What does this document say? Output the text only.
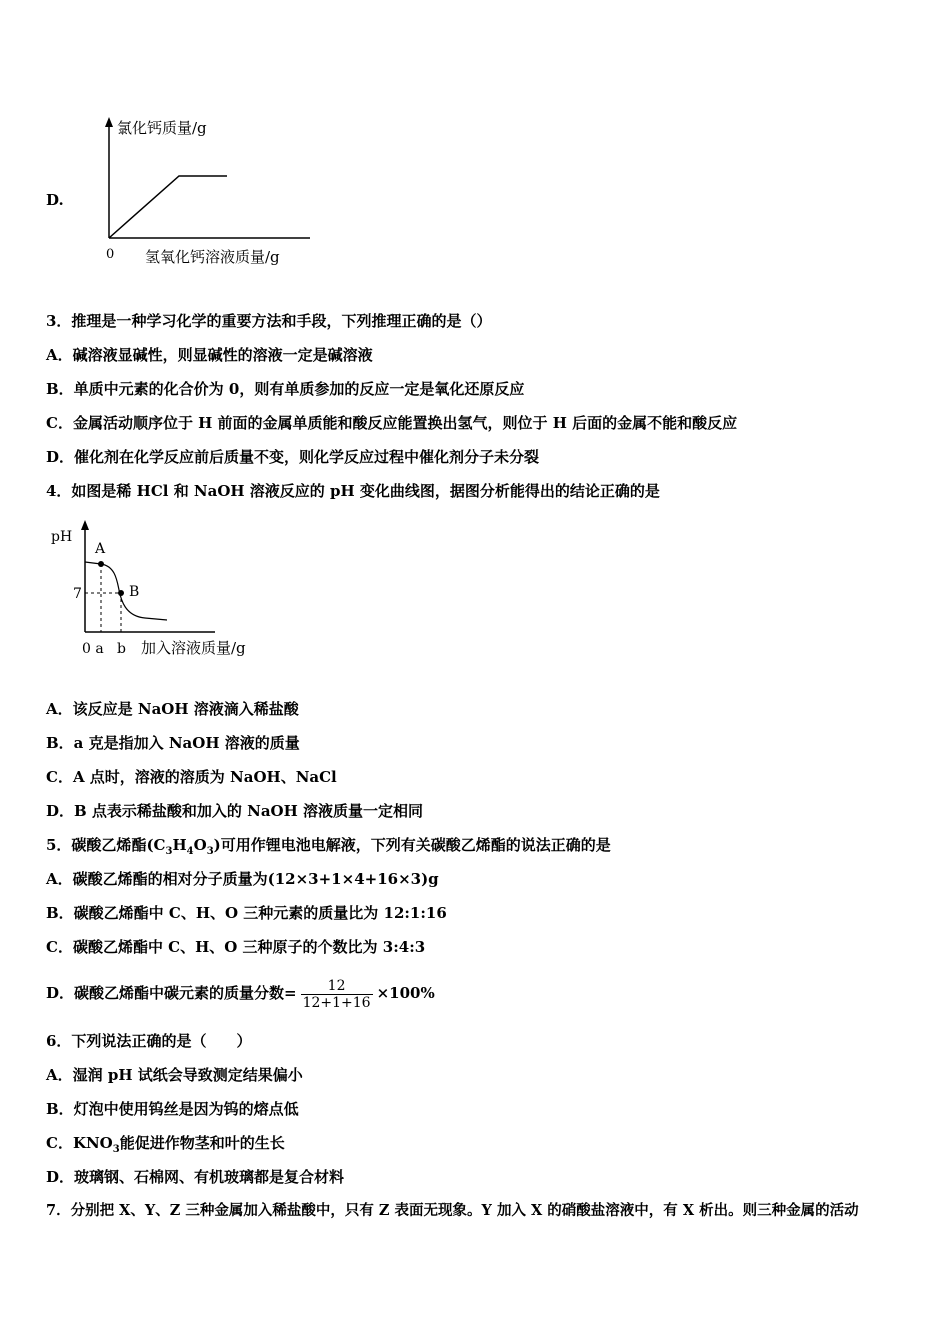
D.
氯化钙质量/g
0 氢氧化钙溶液质量/g
3．推理是一种学习化学的重要方法和手段，下列推理正确的是（）
A．碱溶液显碱性，则显碱性的溶液一定是碱溶液
B．单质中元素的化合价为 0，则有单质参加的反应一定是氧化还原反应
C．金属活动顺序位于 H 前面的金属单质能和酸反应能置换出氢气，则位于 H 后面的金属不能和酸反应
D．催化剂在化学反应前后质量不变，则化学反应过程中催化剂分子未分裂
4．如图是稀 HCl 和 NaOH 溶液反应的 pH 变化曲线图，据图分析能得出的结论正确的是
pH
A
B
7
0 a   b 加入溶液质量/g
A．该反应是 NaOH 溶液滴入稀盐酸
B．a 克是指加入 NaOH 溶液的质量
C．A 点时，溶液的溶质为 NaOH、NaCl
D．B 点表示稀盐酸和加入的 NaOH 溶液质量一定相同
5．碳酸乙烯酯$(C_3H_4O_3)$可用作锂电池电解液，下列有关碳酸乙烯酯的说法正确的是
A．碳酸乙烯酯的相对分子质量为(12×3+1×4+16×3)g
B．碳酸乙烯酯中 C、H、O 三种元素的质量比为 12:1:16
C．碳酸乙烯酯中 C、H、O 三种原子的个数比为 3:4:3
D．碳酸乙烯酯中碳元素的质量分数= $\frac{12}{12+1+16} \times 100\%$
6．下列说法正确的是（　　）
A．湿润 pH 试纸会导致测定结果偏小
B．灯泡中使用钨丝是因为钨的熔点低
C．$KNO_3$能促进作物茎和叶的生长
D．玻璃钢、石棉网、有机玻璃都是复合材料
7．分别把 X、Y、Z 三种金属加入稀盐酸中，只有 Z 表面无现象。Y 加入 X 的硝酸盐溶液中，有 X 析出。则三种金属的活动
